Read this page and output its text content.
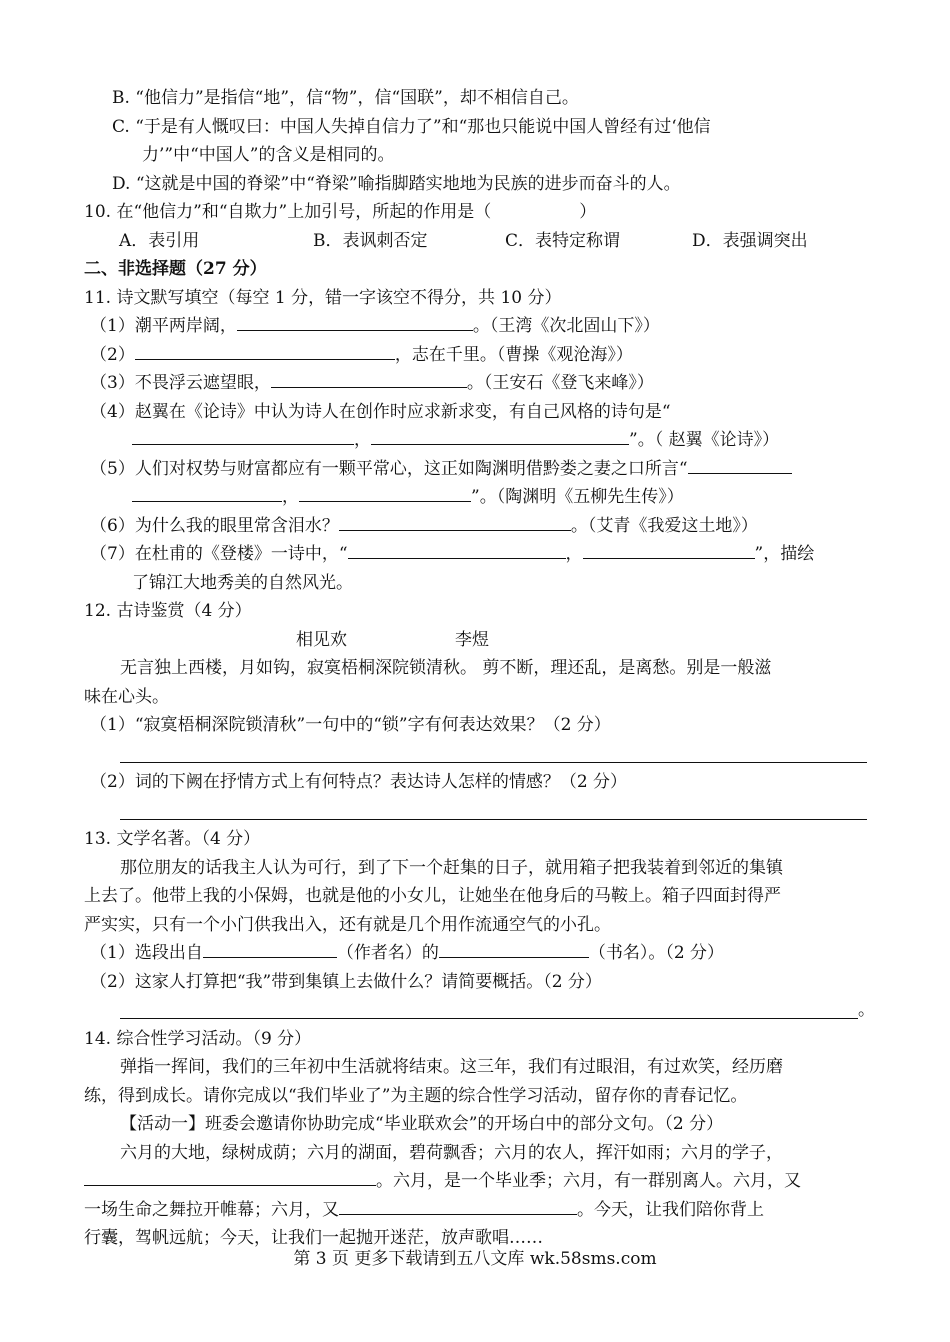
B. “他信力”是指信“地”，信“物”，信“国联”，却不相信自己。
C. “于是有人慨叹曰：中国人失掉自信力了”和“那也只能说中国人曾经有过‘他信
力’”中“中国人”的含义是相同的。
D. “这就是中国的脊梁”中“脊梁”喻指脚踏实地地为民族的进步而奋斗的人。
10. 在“他信力”和“自欺力”上加引号，所起的作用是（	）
A．表引用	B．表讽刺否定	C．表特定称谓	D．表强调突出
二、非选择题（27 分）
11. 诗文默写填空（每空 1 分，错一字该空不得分，共 10 分）
（1）潮平两岸阔，	。（王湾《次北固山下》）
（2）	，志在千里。（曹操《观沧海》）
（3）不畏浮云遮望眼，	。（王安石《登飞来峰》）
（4）赵翼在《论诗》中认为诗人在创作时应求新求变，有自己风格的诗句是“
，	”。（ 赵翼《论诗》）
（5）人们对权势与财富都应有一颗平常心，这正如陶渊明借黔娄之妻之口所言“
，	”。（陶渊明《五柳先生传》）
（6）为什么我的眼里常含泪水？	。（艾青《我爱这土地》）
（7）在杜甫的《登楼》一诗中，“	，	”，描绘
了锦江大地秀美的自然风光。
12. 古诗鉴赏（4 分）
相见欢	李煜
无言独上西楼，月如钩，寂寞梧桐深院锁清秋。 剪不断，理还乱，是离愁。别是一般滋
味在心头。
（1）“寂寞梧桐深院锁清秋”一句中的“锁”字有何表达效果？（2 分）
（2）词的下阙在抒情方式上有何特点？表达诗人怎样的情感？（2 分）
13. 文学名著。（4 分）
那位朋友的话我主人认为可行，到了下一个赶集的日子，就用箱子把我装着到邻近的集镇
上去了。他带上我的小保姆，也就是他的小女儿，让她坐在他身后的马鞍上。箱子四面封得严
严实实，只有一个小门供我出入，还有就是几个用作流通空气的小孔。
（1）选段出自	（作者名）的	（书名）。（2 分）
（2）这家人打算把“我”带到集镇上去做什么？请简要概括。（2 分）
。
14. 综合性学习活动。（9 分）
弹指一挥间，我们的三年初中生活就将结束。这三年，我们有过眼泪，有过欢笑，经历磨
练，得到成长。请你完成以“我们毕业了”为主题的综合性学习活动，留存你的青春记忆。
【活动一】班委会邀请你协助完成“毕业联欢会”的开场白中的部分文句。（2 分）
六月的大地，绿树成荫；六月的湖面，碧荷飘香；六月的农人，挥汗如雨；六月的学子，
。六月，是一个毕业季；六月，有一群别离人。六月，又
一场生命之舞拉开帷幕；六月，又	。今天，让我们陪你背上
行囊，驾帆远航；今天，让我们一起抛开迷茫，放声歌唱……
第 3 页 更多下载请到五八文库 wk.58sms.com
